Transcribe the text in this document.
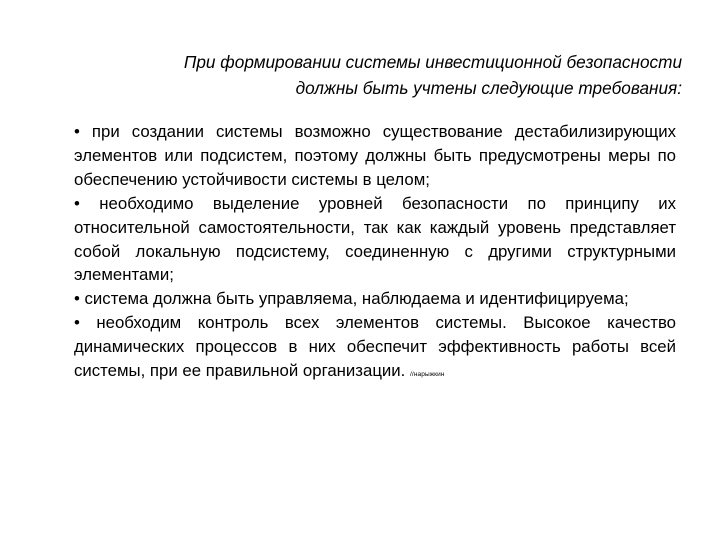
При формировании системы инвестиционной безопасности
должны быть учтены следующие требования:

• при создании системы возможно существование дестабилизирующих элементов или подсистем, поэтому должны быть предусмотрены меры по обеспечению устойчивости системы в целом;

• необходимо выделение уровней безопасности по принципу их относительной самостоятельности, так как каждый уровень представляет собой локальную подсистему, соединенную с другими структурными элементами;

• система должна быть управляема, наблюдаема и идентифицируема;

• необходим контроль всех элементов системы. Высокое качество динамических процессов в них обеспечит эффективность работы всей системы, при ее правильной организации. //нарыжкин
